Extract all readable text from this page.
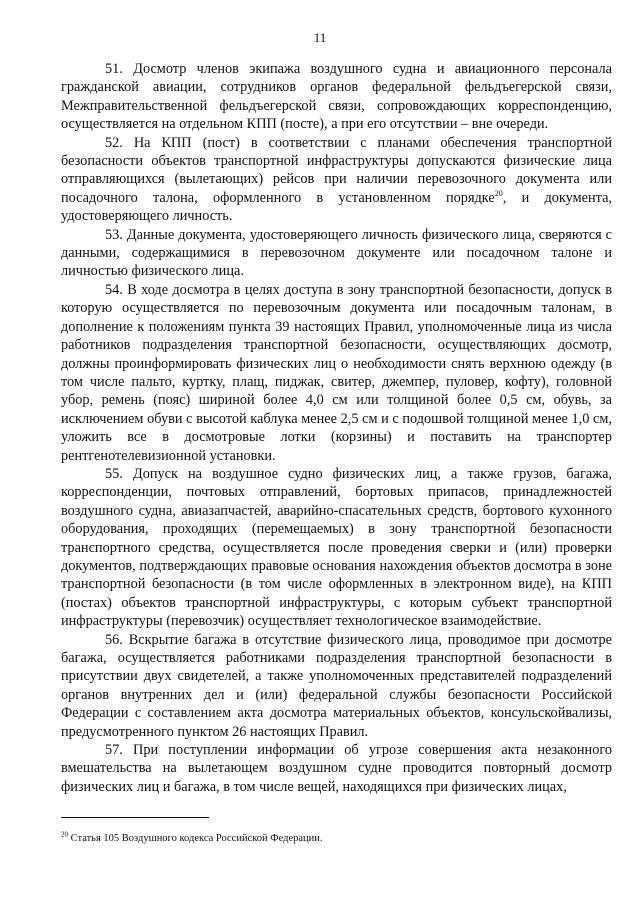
11

51. Досмотр членов экипажа воздушного судна и авиационного персонала гражданской авиации, сотрудников органов федеральной фельдъегерской связи, Межправительственной фельдъегерской связи, сопровождающих корреспонденцию, осуществляется на отдельном КПП (посте), а при его отсутствии – вне очереди.

52. На КПП (пост) в соответствии с планами обеспечения транспортной безопасности объектов транспортной инфраструктуры допускаются физические лица отправляющихся (вылетающих) рейсов при наличии перевозочного документа или посадочного талона, оформленного в установленном порядке$^{20}$, и документа, удостоверяющего личность.

53. Данные документа, удостоверяющего личность физического лица, сверяются с данными, содержащимися в перевозочном документе или посадочном талоне и личностью физического лица.

54. В ходе досмотра в целях доступа в зону транспортной безопасности, допуск в которую осуществляется по перевозочным документа или посадочным талонам, в дополнение к положениям пункта 39 настоящих Правил, уполномоченные лица из числа работников подразделения транспортной безопасности, осуществляющих досмотр, должны проинформировать физических лиц о необходимости снять верхнюю одежду (в том числе пальто, куртку, плащ, пиджак, свитер, джемпер, пуловер, кофту), головной убор, ремень (пояс) шириной более 4,0 см или толщиной более 0,5 см, обувь, за исключением обуви с высотой каблука менее 2,5 см и с подошвой толщиной менее 1,0 см, уложить все в досмотровые лотки (корзины) и поставить на транспортер рентгенотелевизионной установки.

55. Допуск на воздушное судно физических лиц, а также грузов, багажа, корреспонденции, почтовых отправлений, бортовых припасов, принадлежностей воздушного судна, авиазапчастей, аварийно-спасательных средств, бортового кухонного оборудования, проходящих (перемещаемых) в зону транспортной безопасности транспортного средства, осуществляется после проведения сверки и (или) проверки документов, подтверждающих правовые основания нахождения объектов досмотра в зоне транспортной безопасности (в том числе оформленных в электронном виде), на КПП (постах) объектов транспортной инфраструктуры, с которым субъект транспортной инфраструктуры (перевозчик) осуществляет технологическое взаимодействие.

56. Вскрытие багажа в отсутствие физического лица, проводимое при досмотре багажа, осуществляется работниками подразделения транспортной безопасности в присутствии двух свидетелей, а также уполномоченных представителей подразделений органов внутренних дел и (или) федеральной службы безопасности Российской Федерации с составлением акта досмотра материальных объектов, консульскойвализы, предусмотренного пунктом 26 настоящих Правил.

57. При поступлении информации об угрозе совершения акта незаконного вмешательства на вылетающем воздушном судне проводится повторный досмотр физических лиц и багажа, в том числе вещей, находящихся при физических лицах,

$^{20}$ Статья 105 Воздушного кодекса Российской Федерации.
